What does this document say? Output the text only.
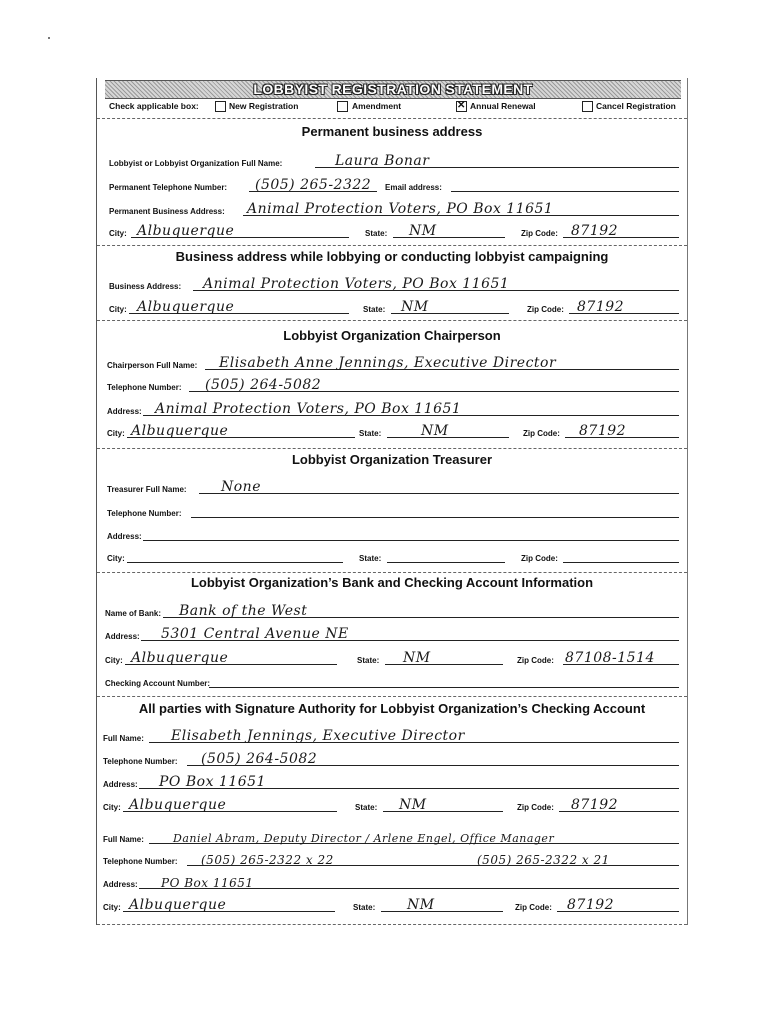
LOBBYIST REGISTRATION STATEMENT
Check applicable box:	New Registration	Amendment
✕	Annual Renewal	Cancel Registration
Permanent business address
Lobbyist or Lobbyist Organization Full Name:	Laura Bonar
Permanent Telephone Number: (505) 265-2322 Email address:
Permanent Business Address: Animal Protection Voters, PO Box 11651
City: Albuquerque	State: NM	Zip Code: 87192
Business address while lobbying or conducting lobbyist campaigning
Business Address: Animal Protection Voters, PO Box 11651
City: Albuquerque	State: NM	Zip Code: 87192
Lobbyist Organization Chairperson
Chairperson Full Name: Elisabeth Anne Jennings, Executive Director
Telephone Number: (505) 264-5082
Address: Animal Protection Voters, PO Box 11651
City: Albuquerque	State:	NM	Zip Code: 87192
Lobbyist Organization Treasurer
Treasurer Full Name: None
Telephone Number:
Address:
City:	State:	Zip Code:
Lobbyist Organization’s Bank and Checking Account Information
Name of Bank: Bank of the West
Address: 5301 Central Avenue NE
City: Albuquerque	State: NM	Zip Code: 87108-1514
Checking Account Number:
All parties with Signature Authority for Lobbyist Organization’s Checking Account
Full Name: Elisabeth Jennings, Executive Director
Telephone Number: (505) 264-5082
Address: PO Box 11651
City: Albuquerque	State: NM	Zip Code: 87192
Full Name:	Daniel Abram, Deputy Director / Arlene Engel, Office Manager
Telephone Number: (505) 265-2322 x 22	(505) 265-2322 x 21
Address: PO Box 11651
City: Albuquerque	State: NM	Zip Code: 87192
